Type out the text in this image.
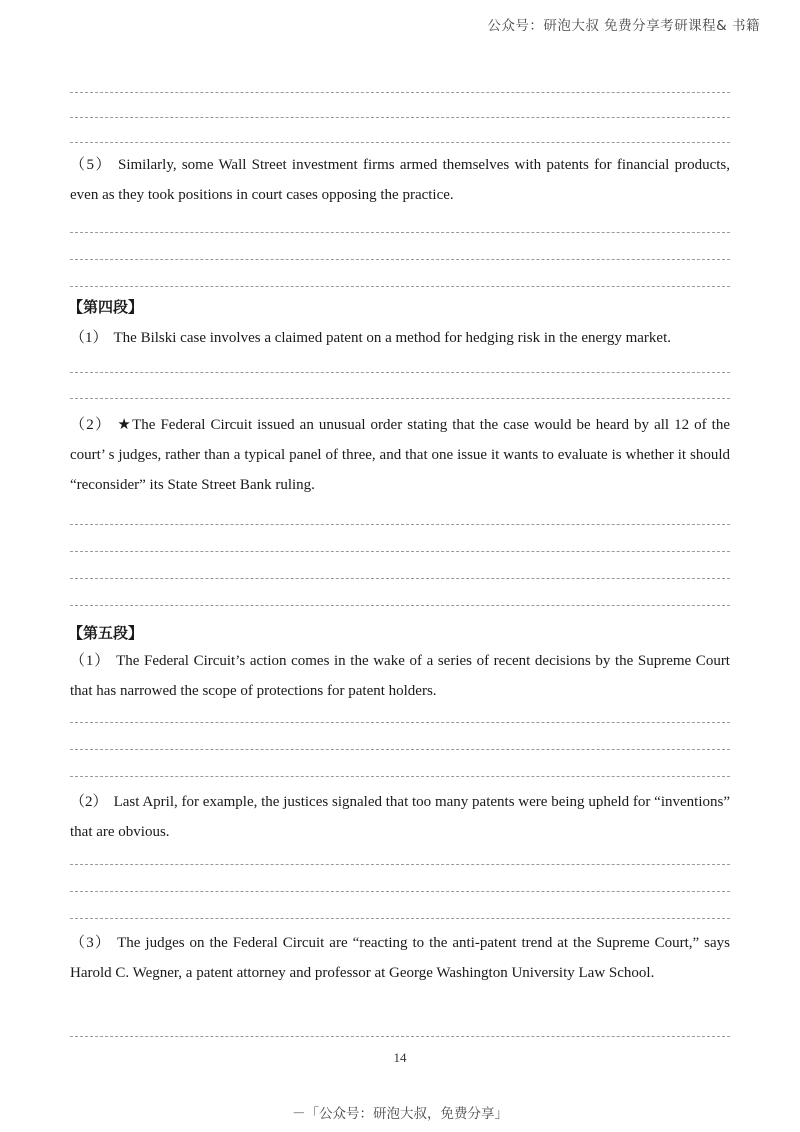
公众号：研泡大叔 免费分享考研课程& 书籍
（5） Similarly, some Wall Street investment firms armed themselves with patents for financial products, even as they took positions in court cases opposing the practice.
【第四段】
（1） The Bilski case involves a claimed patent on a method for hedging risk in the energy market.
（2） ★The Federal Circuit issued an unusual order stating that the case would be heard by all 12 of the court’ s judges, rather than a typical panel of three, and that one issue it wants to evaluate is whether it should “reconsider” its State Street Bank ruling.
【第五段】
（1） The Federal Circuit’s action comes in the wake of a series of recent decisions by the Supreme Court that has narrowed the scope of protections for patent holders.
（2） Last April, for example, the justices signaled that too many patents were being upheld for “inventions” that are obvious.
（3） The judges on the Federal Circuit are “reacting to the anti-patent trend at the Supreme Court,” says Harold C. Wegner, a patent attorney and professor at George Washington University Law School.
14
－「公众号：研泡大叔，免费分享」
